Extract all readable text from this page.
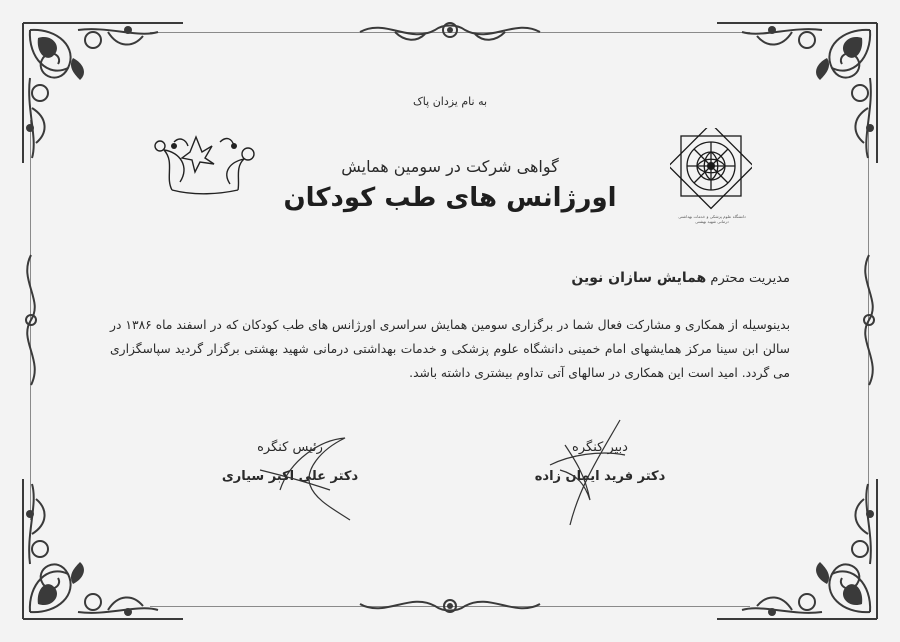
به نام یزدان پاک
دانشگاه علوم پزشکی و خدمات بهداشتی درمانی شهید بهشتی
گواهی شرکت در سومین همایش
اورژانس های طب کودکان
مدیریت محترم همایش سازان نوین
بدینوسیله از همکاری و مشارکت فعال شما در برگزاری سومین همایش سراسری اورژانس های طب کودکان که در اسفند ماه ۱۳۸۶ در سالن ابن سینا مرکز همایشهای امام خمینی دانشگاه علوم پزشکی و خدمات بهداشتی درمانی شهید بهشتی برگزار گردید سپاسگزاری می گردد. امید است این همکاری در سالهای آتی تداوم بیشتری داشته باشد.
رئیس کنگره
دکتر علی اکبر سیاری
دبیر کنگره
دکتر فرید ایمان زاده
